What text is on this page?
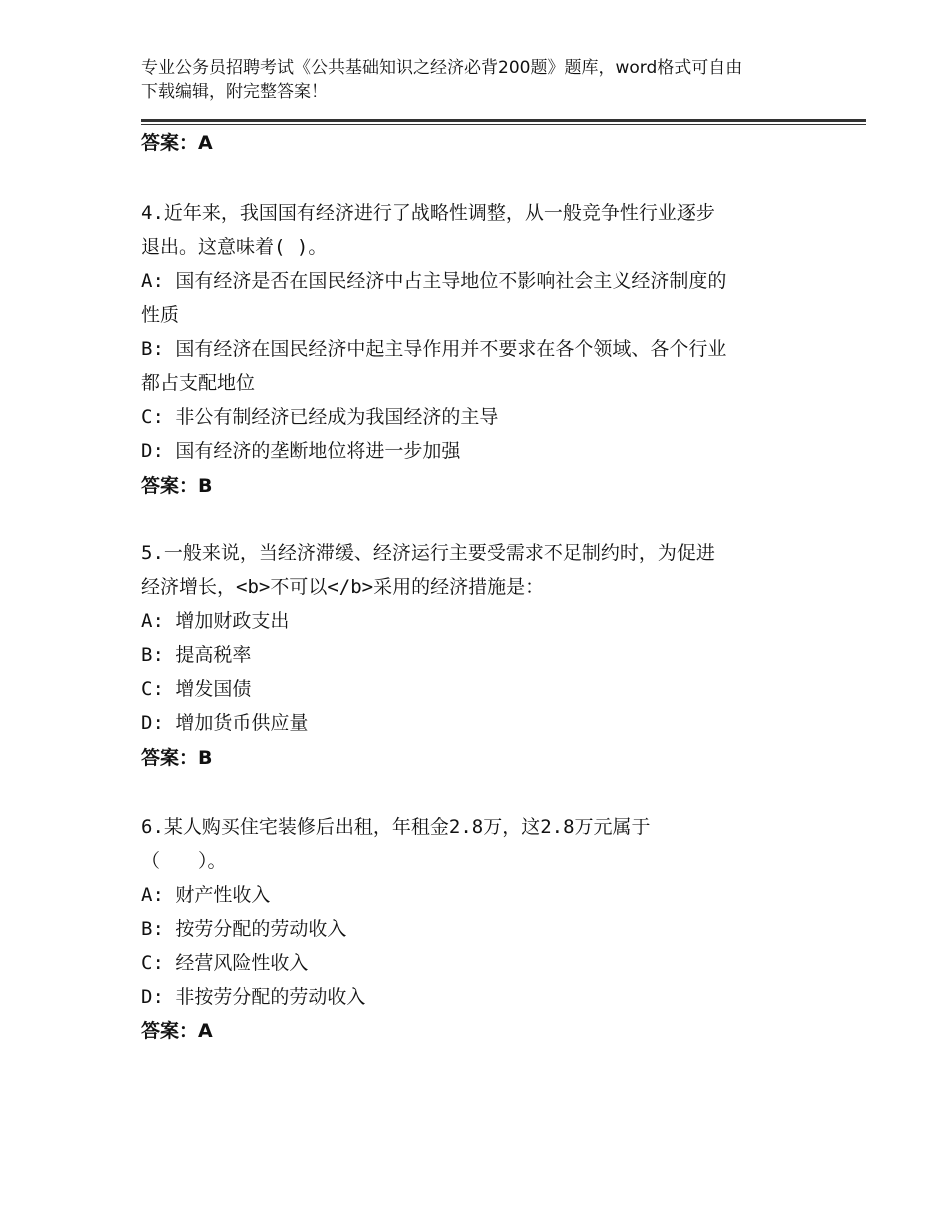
专业公务员招聘考试《公共基础知识之经济必背200题》题库，word格式可自由
下载编辑，附完整答案！
答案：A
4.近年来，我国国有经济进行了战略性调整，从一般竞争性行业逐步
退出。这意味着( )。
A: 国有经济是否在国民经济中占主导地位不影响社会主义经济制度的
性质
B: 国有经济在国民经济中起主导作用并不要求在各个领域、各个行业
都占支配地位
C: 非公有制经济已经成为我国经济的主导
D: 国有经济的垄断地位将进一步加强
答案：B
5.一般来说，当经济滞缓、经济运行主要受需求不足制约时，为促进
经济增长，<b>不可以</b>采用的经济措施是：
A: 增加财政支出
B: 提高税率
C: 增发国债
D: 增加货币供应量
答案：B
6.某人购买住宅装修后出租，年租金2.8万，这2.8万元属于
（　　）。
A: 财产性收入
B: 按劳分配的劳动收入
C: 经营风险性收入
D: 非按劳分配的劳动收入
答案：A
